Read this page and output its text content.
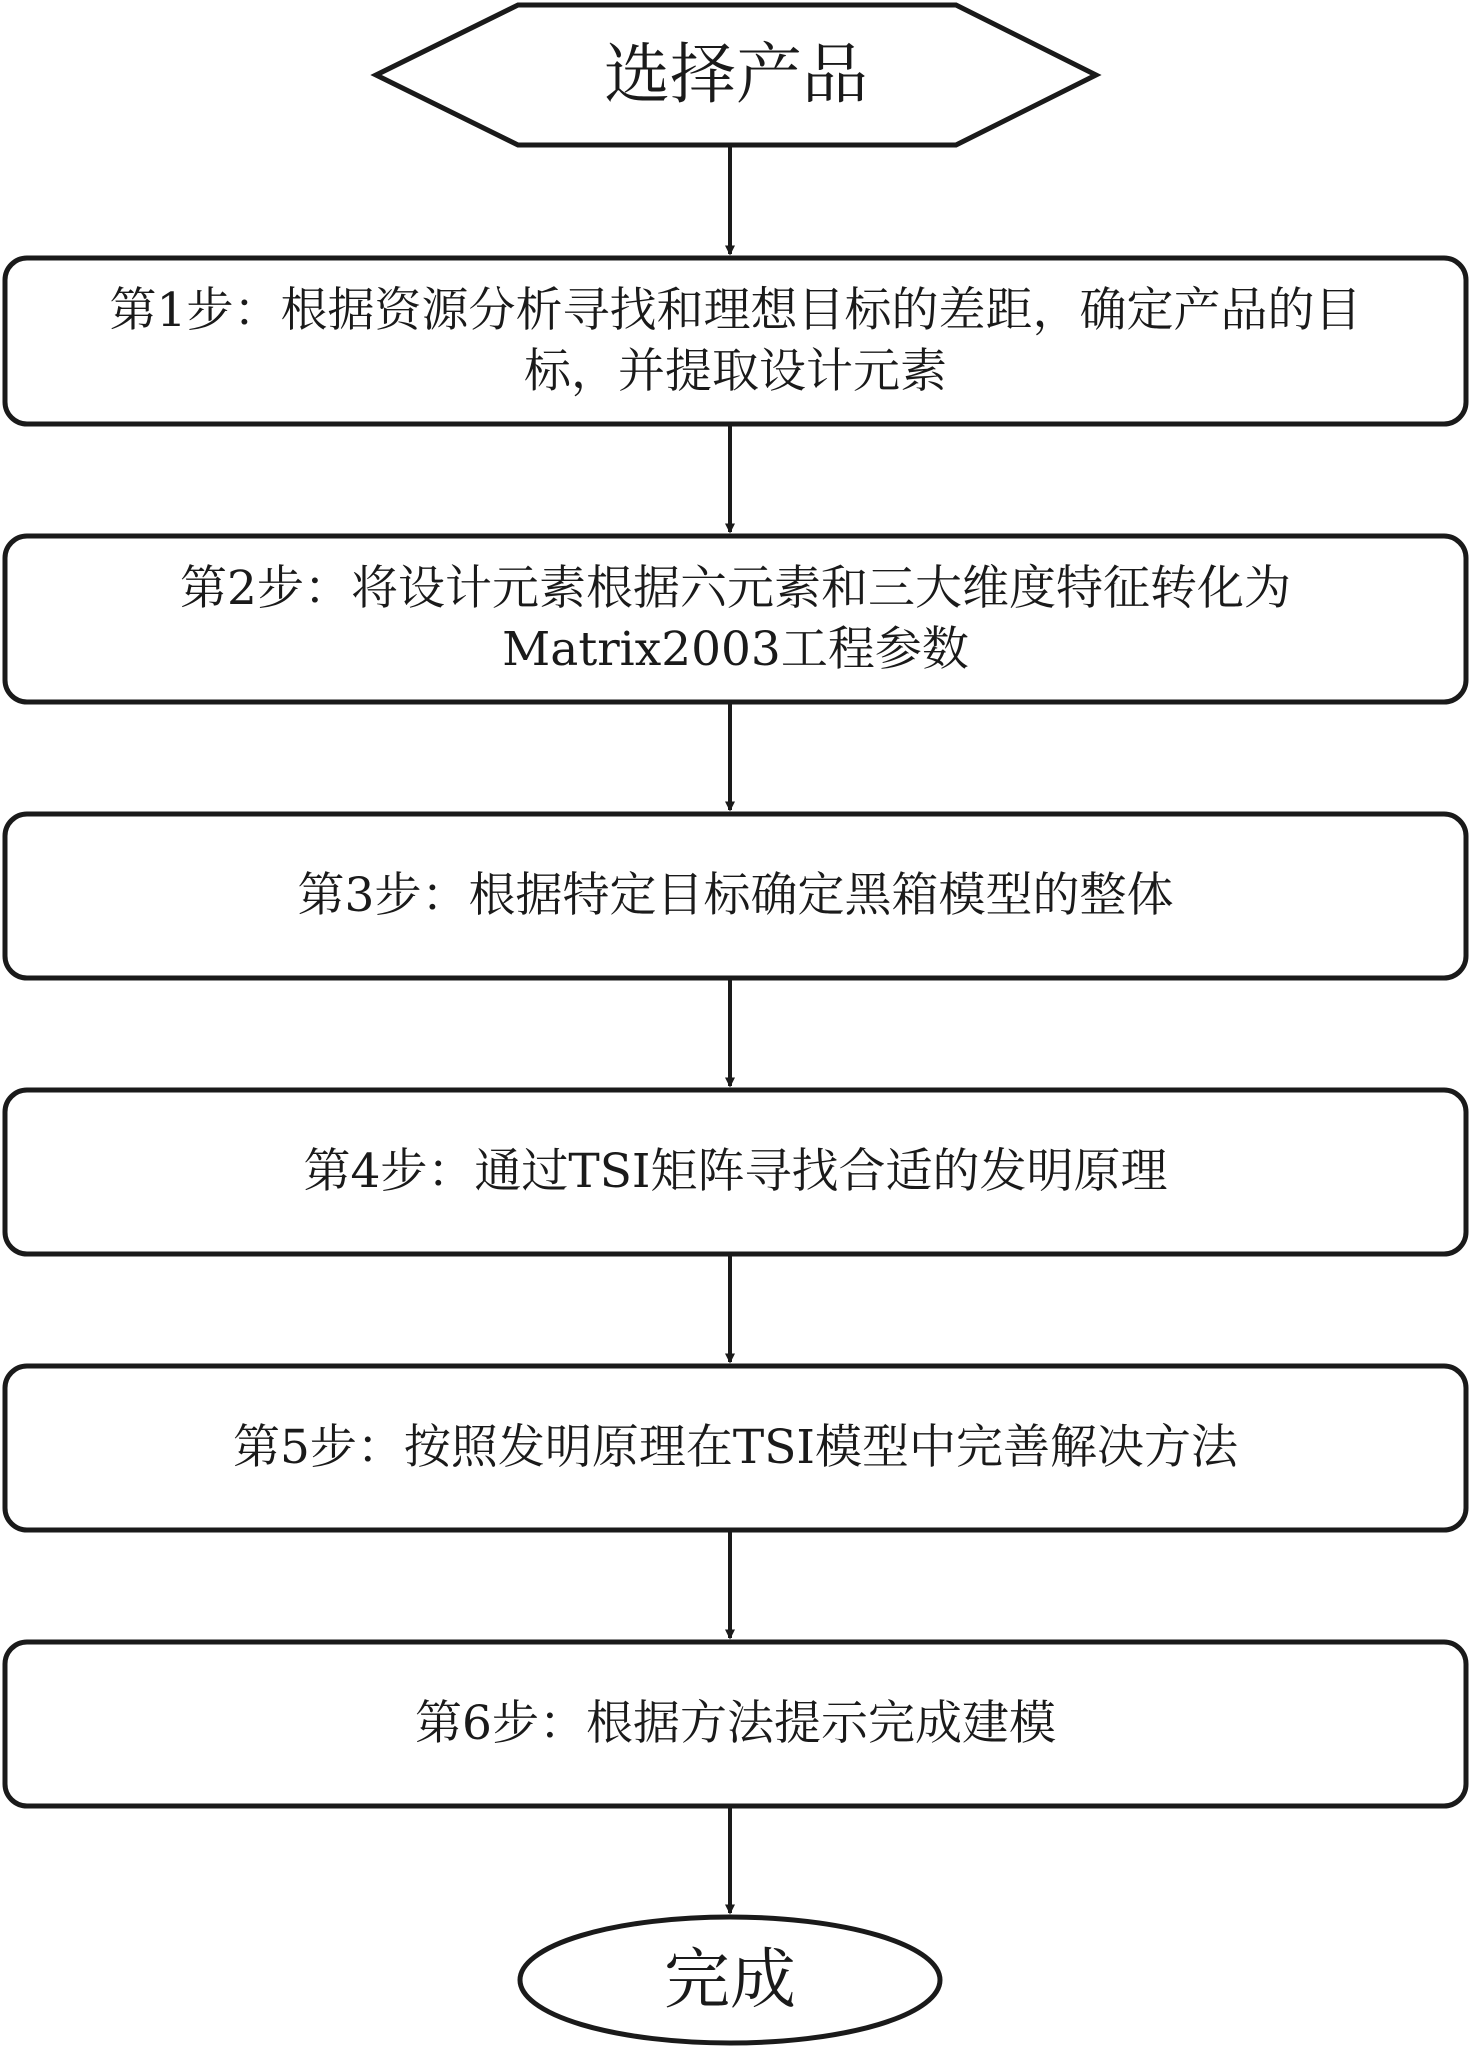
选择产品
第1步：根据资源分析寻找和理想目标的差距，确定产品的目标，并提取设计元素
第2步：将设计元素根据六元素和三大维度特征转化为Matrix2003工程参数
第3步：根据特定目标确定黑箱模型的整体
第4步：通过TSI矩阵寻找合适的发明原理
第5步：按照发明原理在TSI模型中完善解决方法
第6步：根据方法提示完成建模
完成
